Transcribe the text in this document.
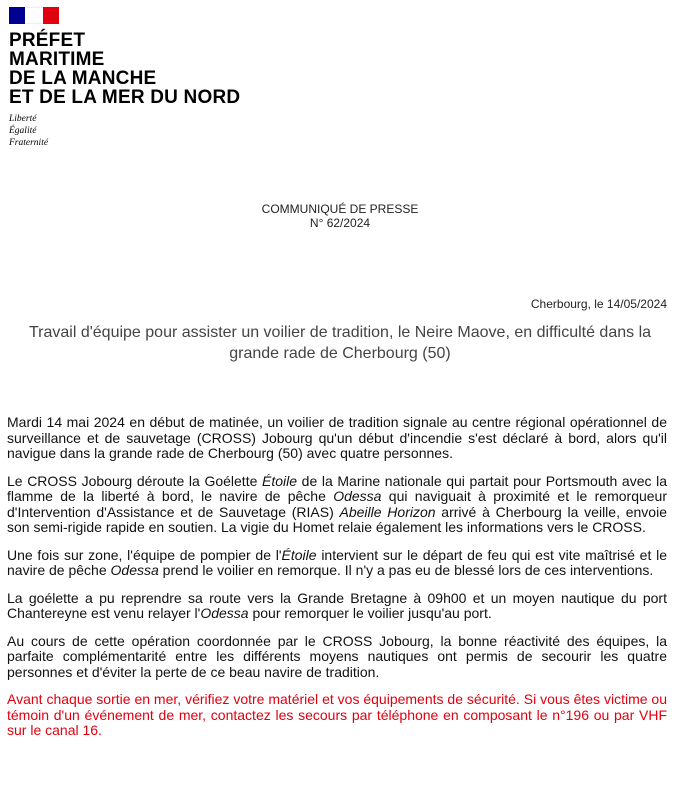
PRÉFET
MARITIME
DE LA MANCHE
ET DE LA MER DU NORD
Liberté
Égalité
Fraternité
COMMUNIQUÉ DE PRESSE
N° 62/2024
Cherbourg, le 14/05/2024
Travail d'équipe pour assister un voilier de tradition, le Neire Maove, en difficulté dans la grande rade de Cherbourg (50)

Mardi 14 mai 2024 en début de matinée, un voilier de tradition signale au centre régional opérationnel de surveillance et de sauvetage (CROSS) Jobourg qu'un début d'incendie s'est déclaré à bord, alors qu'il navigue dans la grande rade de Cherbourg (50) avec quatre personnes.

Le CROSS Jobourg déroute la Goélette Étoile de la Marine nationale qui partait pour Portsmouth avec la flamme de la liberté à bord, le navire de pêche Odessa qui naviguait à proximité et le remorqueur d'Intervention d'Assistance et de Sauvetage (RIAS) Abeille Horizon arrivé à Cherbourg la veille, envoie son semi-rigide rapide en soutien. La vigie du Homet relaie également les informations vers le CROSS.

Une fois sur zone, l'équipe de pompier de l'Étoile intervient sur le départ de feu qui est vite maîtrisé et le navire de pêche Odessa prend le voilier en remorque. Il n'y a pas eu de blessé lors de ces interventions.

La goélette a pu reprendre sa route vers la Grande Bretagne à 09h00 et un moyen nautique du port Chantereyne est venu relayer l'Odessa pour remorquer le voilier jusqu'au port.

Au cours de cette opération coordonnée par le CROSS Jobourg, la bonne réactivité des équipes, la parfaite complémentarité entre les différents moyens nautiques ont permis de secourir les quatre personnes et d'éviter la perte de ce beau navire de tradition.

Avant chaque sortie en mer, vérifiez votre matériel et vos équipements de sécurité. Si vous êtes victime ou témoin d'un événement de mer, contactez les secours par téléphone en composant le n°196 ou par VHF sur le canal 16.
